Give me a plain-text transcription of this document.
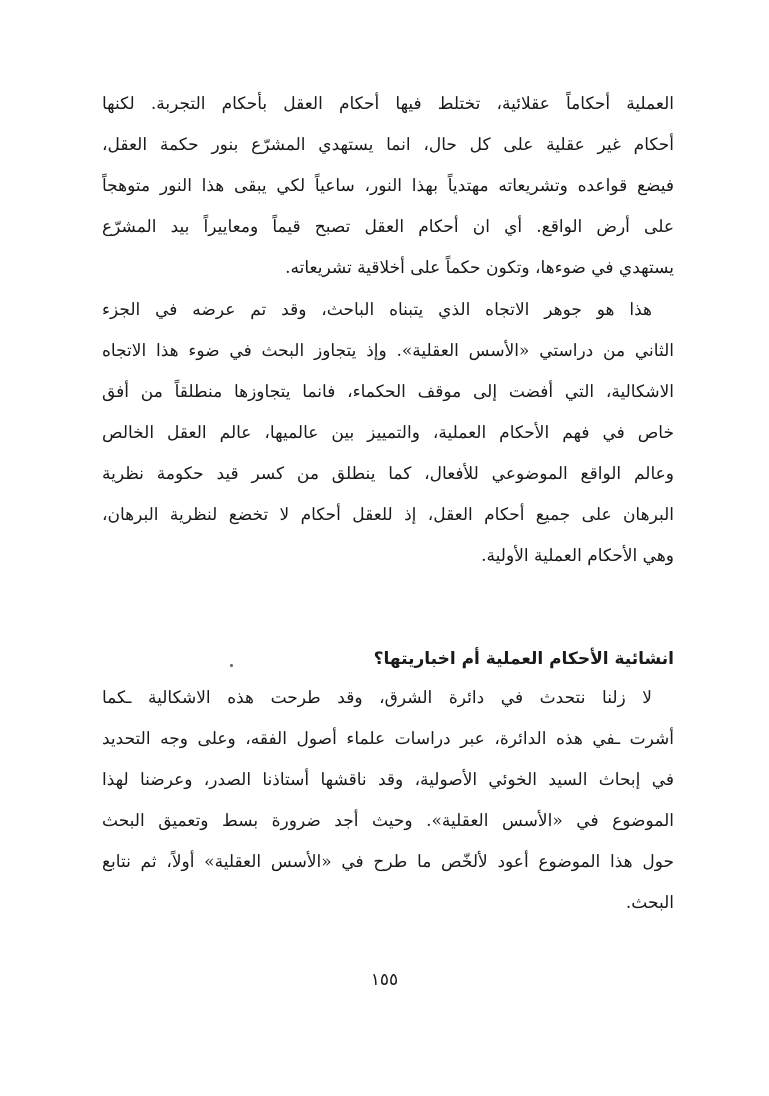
العملية أحكاماً عقلائية، تختلط فيها أحكام العقل بأحكام التجربة. لكنها
أحكام غير عقلية على كل حال، انما يستهدي المشرّع بنور حكمة العقل،
فيضع قواعده وتشريعاته مهتدياً بهذا النور، ساعياً لكي يبقى هذا النور متوهجاً
على أرض الواقع. أي ان أحكام العقل تصبح قيماً ومعاييراً بيد المشرّع
يستهدي في ضوءها، وتكون حكماً على أخلاقية تشريعاته.
هذا هو جوهر الاتجاه الذي يتبناه الباحث، وقد تم عرضه في الجزء
الثاني من دراستي «الأسس العقلية». وإذ يتجاوز البحث في ضوء هذا الاتجاه
الاشكالية، التي أفضت إلى موقف الحكماء، فانما يتجاوزها منطلقاً من أفق
خاص في فهم الأحكام العملية، والتمييز بين عالميها، عالم العقل الخالص
وعالم الواقع الموضوعي للأفعال، كما ينطلق من كسر قيد حكومة نظرية
البرهان على جميع أحكام العقل، إذ للعقل أحكام لا تخضع لنظرية البرهان،
وهي الأحكام العملية الأولية.
انشائية الأحكام العملية أم اخباريتها؟
لا زلنا نتحدث في دائرة الشرق، وقد طرحت هذه الاشكالية ـكما
أشرت ـفي هذه الدائرة، عبر دراسات علماء أصول الفقه، وعلى وجه التحديد
في إبحاث السيد الخوئي الأصولية، وقد ناقشها أستاذنا الصدر، وعرضنا لهذا
الموضوع في «الأسس العقلية». وحيث أجد ضرورة بسط وتعميق البحث
حول هذا الموضوع أعود لألخّص ما طرح في «الأسس العقلية» أولاً، ثم نتابع
البحث.
١٥٥
